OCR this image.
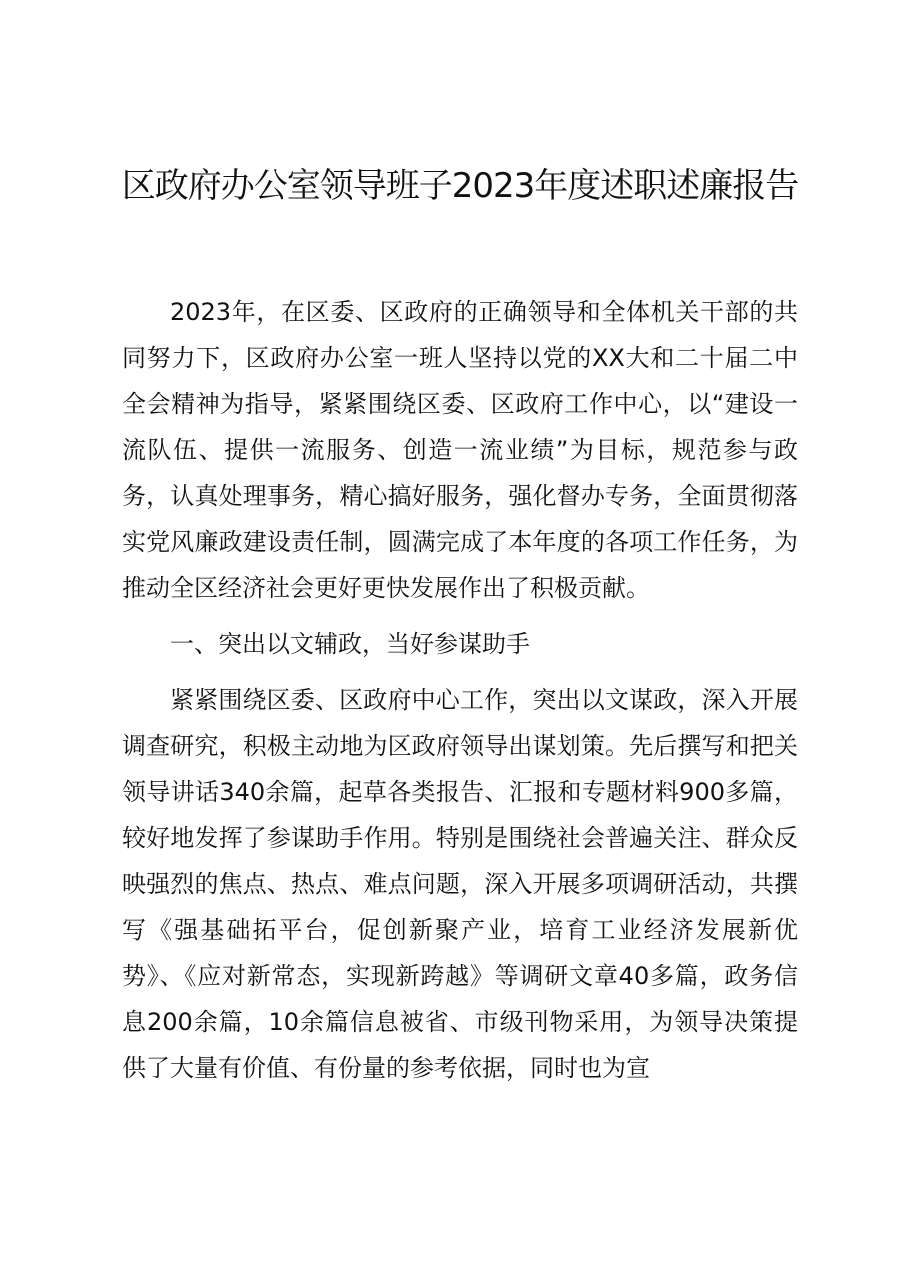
区政府办公室领导班子2023年度述职述廉报告

2023年，在区委、区政府的正确领导和全体机关干部的共同努力下，区政府办公室一班人坚持以党的XX大和二十届二中全会精神为指导，紧紧围绕区委、区政府工作中心，以“建设一流队伍、提供一流服务、创造一流业绩”为目标，规范参与政务，认真处理事务，精心搞好服务，强化督办专务，全面贯彻落实党风廉政建设责任制，圆满完成了本年度的各项工作任务，为推动全区经济社会更好更快发展作出了积极贡献。

一、突出以文辅政，当好参谋助手

紧紧围绕区委、区政府中心工作，突出以文谋政，深入开展调查研究，积极主动地为区政府领导出谋划策。先后撰写和把关领导讲话340余篇，起草各类报告、汇报和专题材料900多篇，较好地发挥了参谋助手作用。特别是围绕社会普遍关注、群众反映强烈的焦点、热点、难点问题，深入开展多项调研活动，共撰写《强基础拓平台，促创新聚产业，培育工业经济发展新优势》、《应对新常态，实现新跨越》等调研文章40多篇，政务信息200余篇，10余篇信息被省、市级刊物采用，为领导决策提供了大量有价值、有份量的参考依据，同时也为宣
